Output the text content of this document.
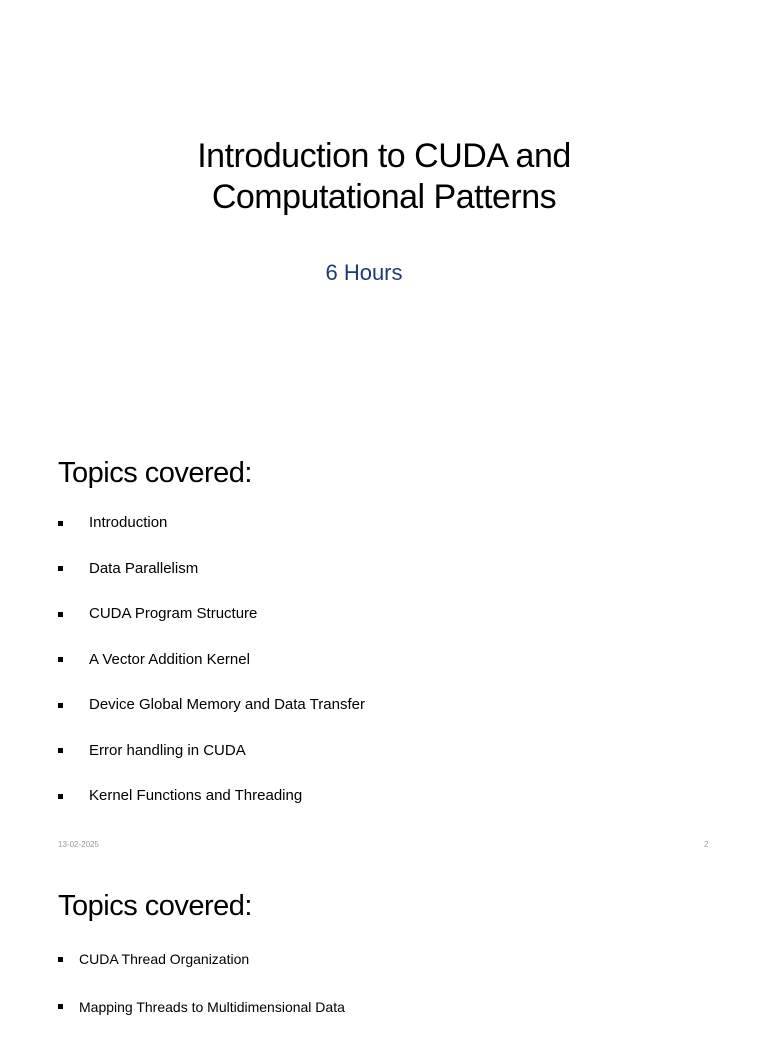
Introduction to CUDA and
Computational Patterns
6 Hours
Topics covered:
Introduction
Data Parallelism
CUDA Program Structure
A Vector Addition Kernel
Device Global Memory and Data Transfer
Error handling in CUDA
Kernel Functions and Threading
13-02-2025	2
Topics covered:
CUDA Thread Organization
Mapping Threads to Multidimensional Data
